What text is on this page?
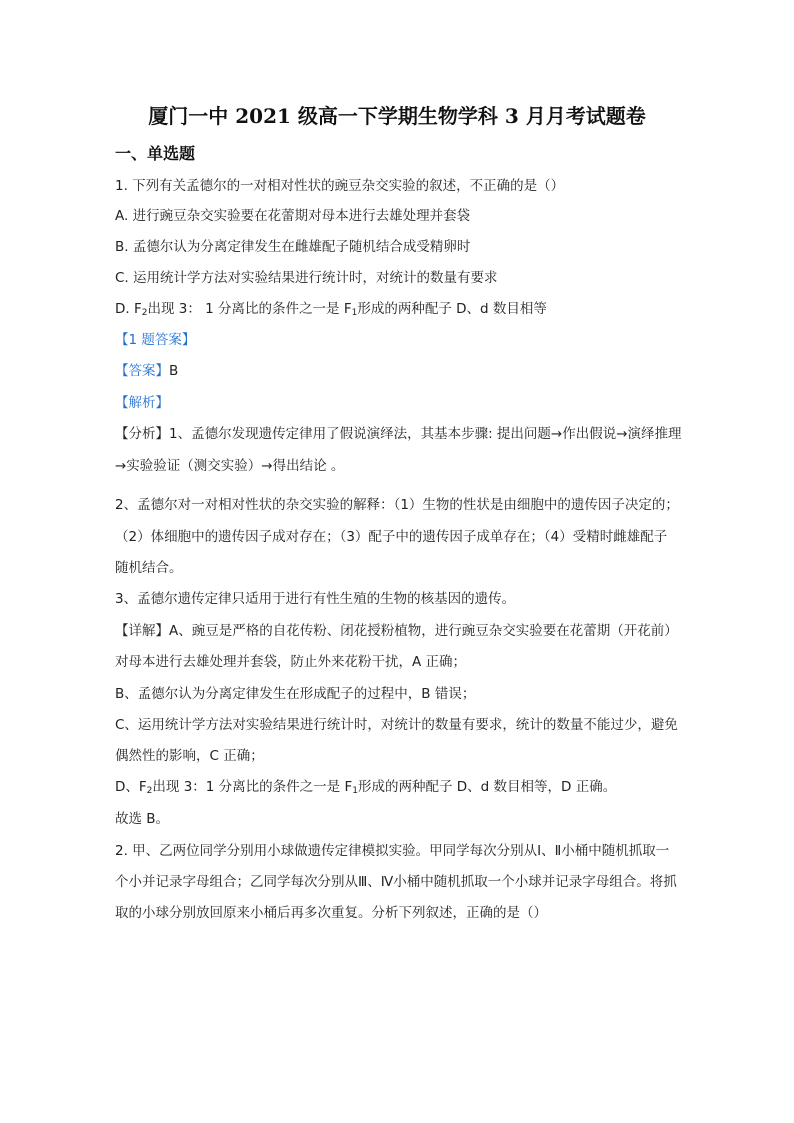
厦门一中 2021 级高一下学期生物学科 3 月月考试题卷
一、单选题
1. 下列有关孟德尔的一对相对性状的豌豆杂交实验的叙述，不正确的是（）
A. 进行豌豆杂交实验要在花蕾期对母本进行去雄处理并套袋
B. 孟德尔认为分离定律发生在雌雄配子随机结合成受精卵时
C. 运用统计学方法对实验结果进行统计时，对统计的数量有要求
D. $F_2$出现 3： 1 分离比的条件之一是 $F_1$形成的两种配子 D、d 数目相等
【1 题答案】
【答案】B
【解析】
【分析】1、孟德尔发现遗传定律用了假说演绎法，其基本步骤: 提出问题→作出假说→演绎推理
→实验验证（测交实验）→得出结论 。
2、孟德尔对一对相对性状的杂交实验的解释：（1）生物的性状是由细胞中的遗传因子决定的；
（2）体细胞中的遗传因子成对存在；（3）配子中的遗传因子成单存在；（4）受精时雌雄配子
随机结合。
3、孟德尔遗传定律只适用于进行有性生殖的生物的核基因的遗传。
【详解】A、豌豆是严格的自花传粉、闭花授粉植物，进行豌豆杂交实验要在花蕾期（开花前）
对母本进行去雄处理并套袋，防止外来花粉干扰，A 正确；
B、孟德尔认为分离定律发生在形成配子的过程中，B 错误；
C、运用统计学方法对实验结果进行统计时，对统计的数量有要求，统计的数量不能过少，避免
偶然性的影响，C 正确；
D、$F_2$出现 3：1 分离比的条件之一是 $F_1$形成的两种配子 D、d 数目相等，D 正确。
故选 B。
2. 甲、乙两位同学分别用小球做遗传定律模拟实验。甲同学每次分别从Ⅰ、Ⅱ小桶中随机抓取一
个小并记录字母组合；乙同学每次分别从Ⅲ、Ⅳ小桶中随机抓取一个小球并记录字母组合。将抓
取的小球分别放回原来小桶后再多次重复。分析下列叙述，正确的是（）
